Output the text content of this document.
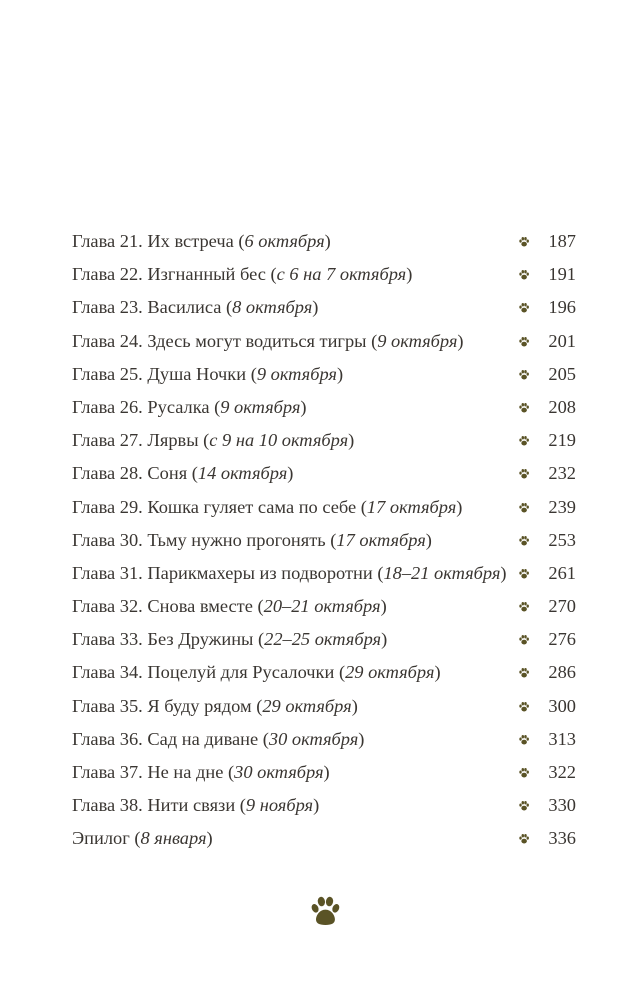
Глава 21. Их встреча (6 октября)	187
Глава 22. Изгнанный бес (с 6 на 7 октября)	191
Глава 23. Василиса (8 октября)	196
Глава 24. Здесь могут водиться тигры (9 октября)	201
Глава 25. Душа Ночки (9 октября)	205
Глава 26. Русалка (9 октября)	208
Глава 27. Лярвы (с 9 на 10 октября)	219
Глава 28. Соня (14 октября)	232
Глава 29. Кошка гуляет сама по себе (17 октября)	239
Глава 30. Тьму нужно прогонять (17 октября)	253
Глава 31. Парикмахеры из подворотни (18–21 октября) 261
Глава 32. Снова вместе (20–21 октября)	270
Глава 33. Без Дружины (22–25 октября)	276
Глава 34. Поцелуй для Русалочки (29 октября)	286
Глава 35. Я буду рядом (29 октября)	300
Глава 36. Сад на диване (30 октября)	313
Глава 37. Не на дне (30 октября)	322
Глава 38. Нити связи (9 ноября)	330
Эпилог (8 января)	336
